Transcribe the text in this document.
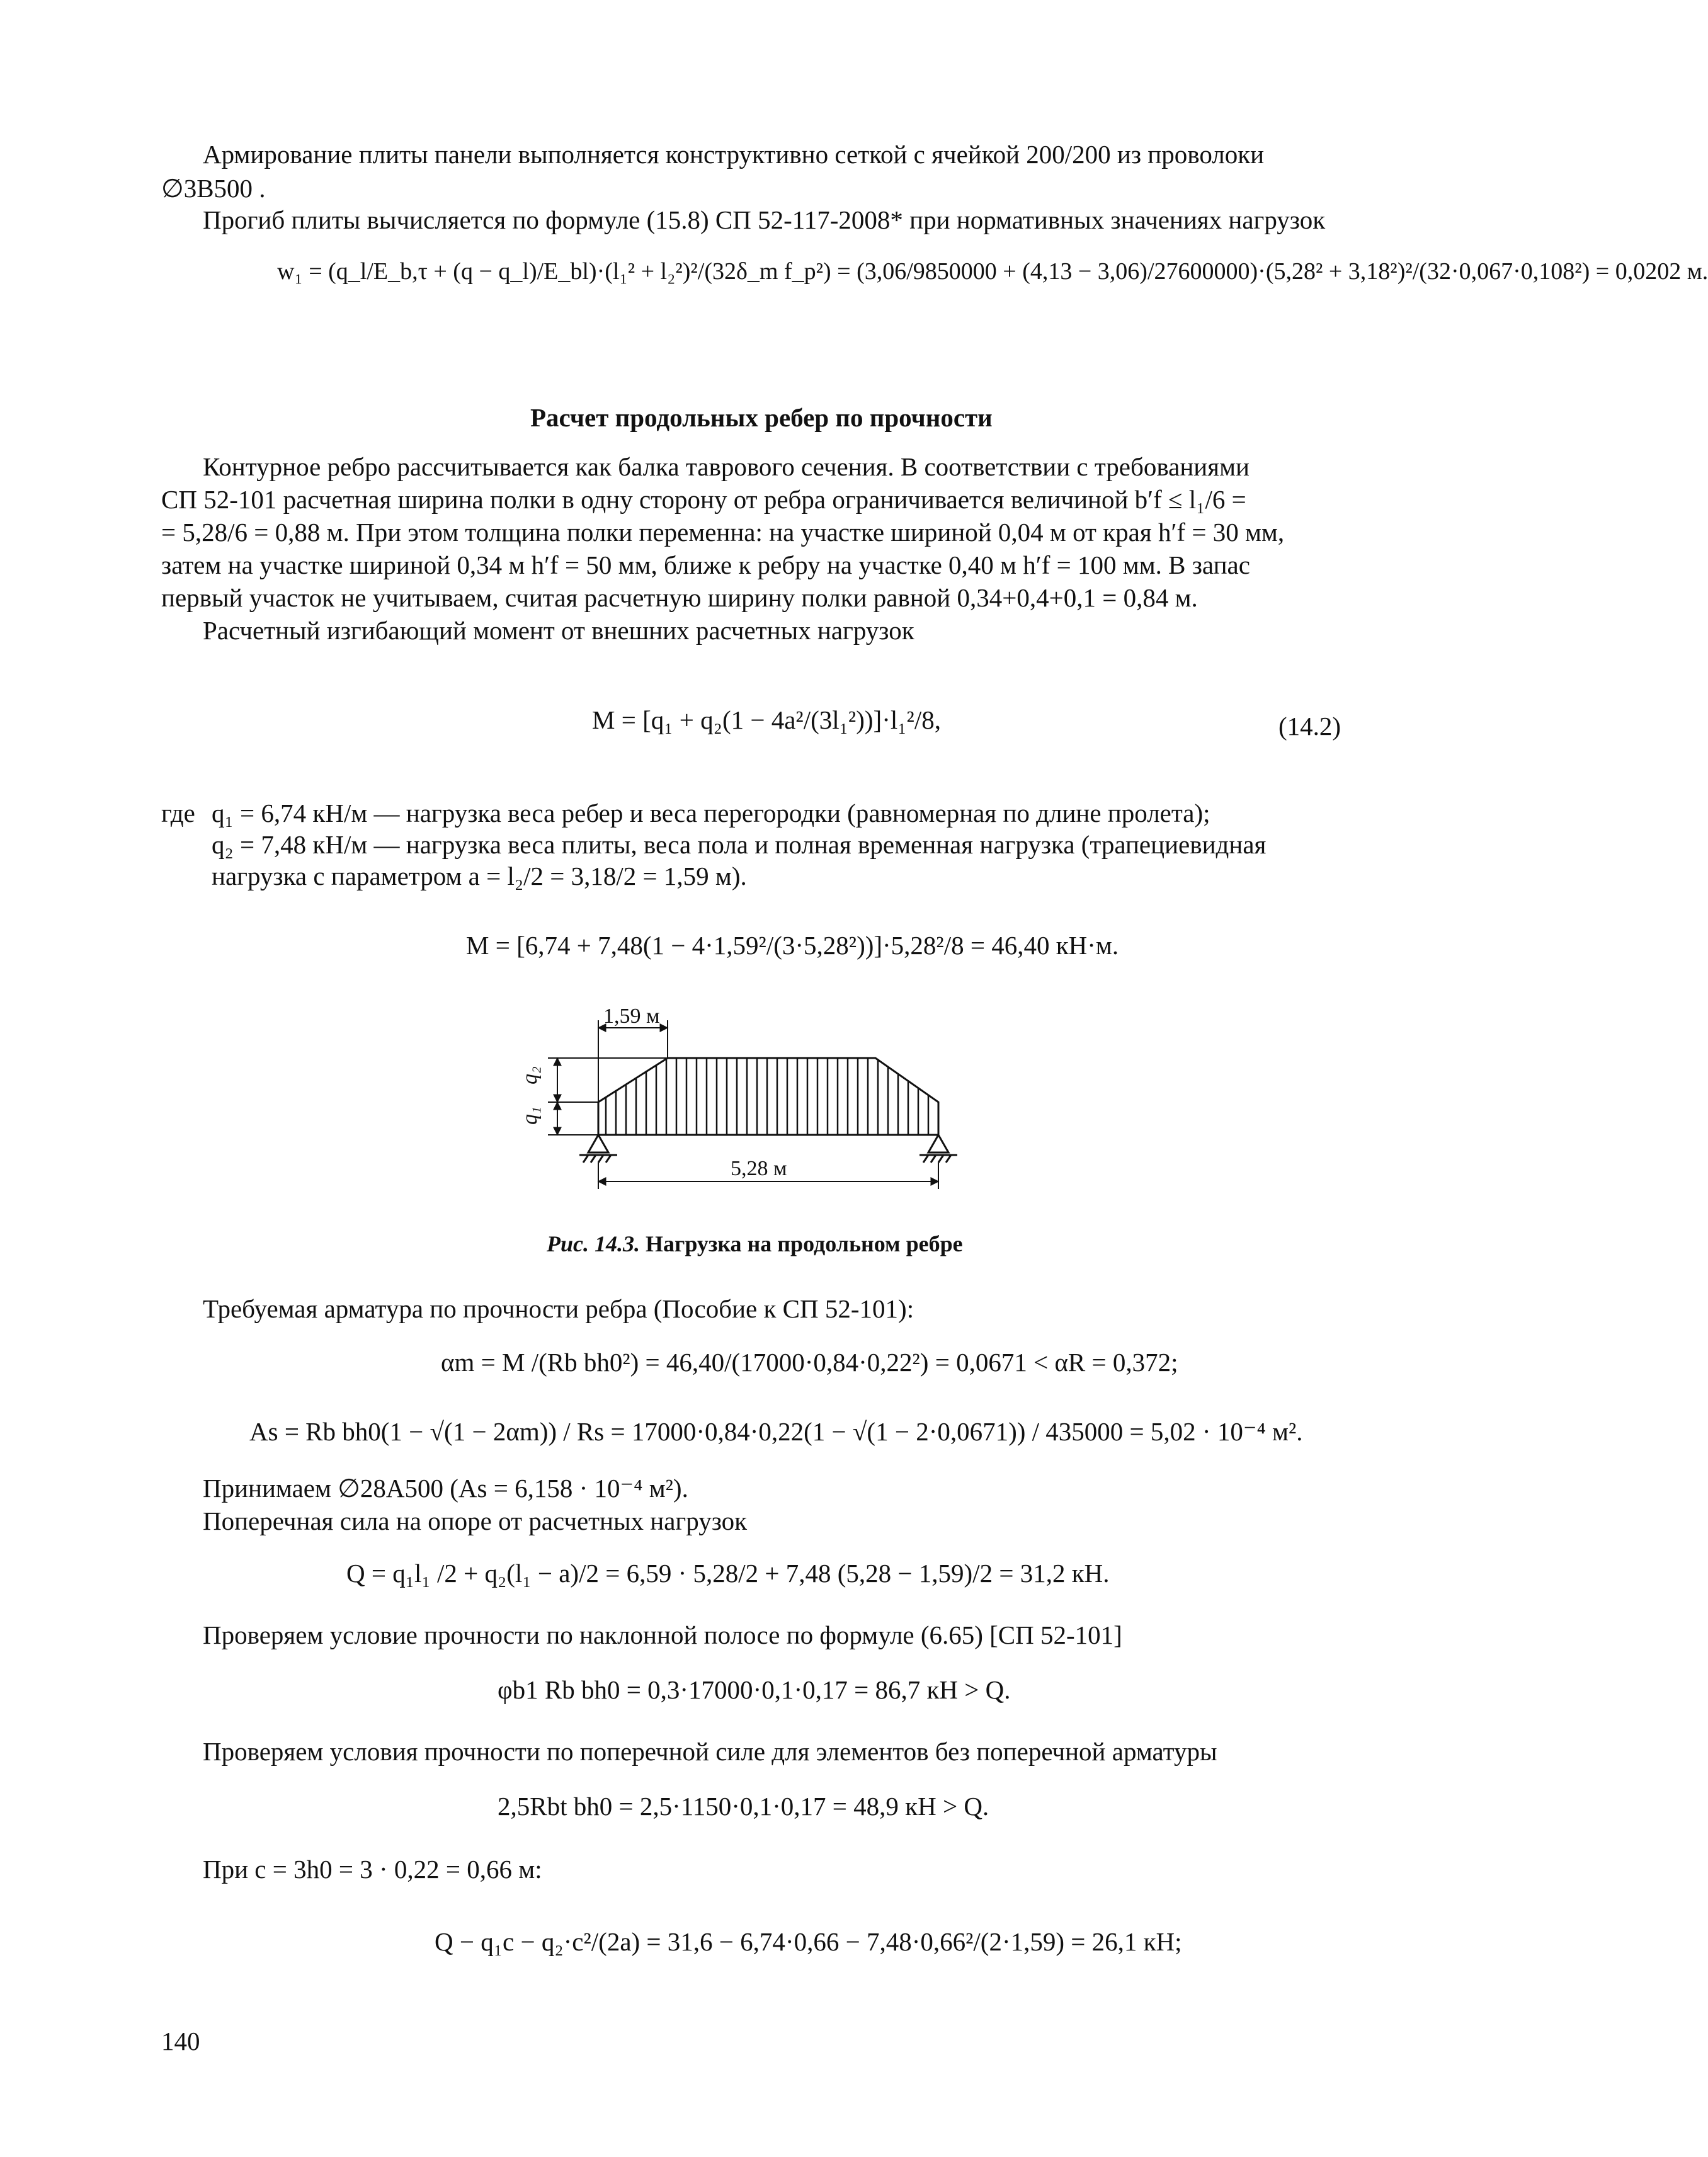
Армирование плиты панели выполняется конструктивно сеткой с ячейкой 200/200 из проволоки
∅3В500 .
Прогиб плиты вычисляется по формуле (15.8) СП 52-117-2008* при нормативных значениях нагрузок
w₁ = (q_l/E_b,τ + (q − q_l)/E_bl)·(l₁² + l₂²)²/(32δ_m f_p²) = (3,06/9850000 + (4,13 − 3,06)/27600000)·(5,28² + 3,18²)²/(32·0,067·0,108²) = 0,0202 м.
Расчет продольных ребер по прочности
Контурное ребро рассчитывается как балка таврового сечения. В соответствии с требованиями
СП 52-101 расчетная ширина полки в одну сторону от ребра ограничивается величиной b′f ≤ l₁/6 =
= 5,28/6 = 0,88 м. При этом толщина полки переменна: на участке шириной 0,04 м от края h′f = 30 мм,
затем на участке шириной 0,34 м h′f = 50 мм, ближе к ребру на участке 0,40 м h′f = 100 мм. В запас
первый участок не учитываем, считая расчетную ширину полки равной 0,34+0,4+0,1 = 0,84 м.
Расчетный изгибающий момент от внешних расчетных нагрузок
M = [q₁ + q₂(1 − 4a²/(3l₁²))]·l₁²/8,	(14.2)
где q₁ = 6,74 кН/м — нагрузка веса ребер и веса перегородки (равномерная по длине пролета);
q₂ = 7,48 кН/м — нагрузка веса плиты, веса пола и полная временная нагрузка (трапециевидная
нагрузка с параметром a = l₂/2 = 3,18/2 = 1,59 м).
M = [6,74 + 7,48(1 − 4·1,59²/(3·5,28²))]·5,28²/8 = 46,40 кН·м.
1,59 м
q₂
q₁
5,28 м
Рис. 14.3. Нагрузка на продольном ребре
Требуемая арматура по прочности ребра (Пособие к СП 52-101):
αm = M /(Rb bh0²) = 46,40/(17000·0,84·0,22²) = 0,0671 < αR = 0,372;
As = Rb bh0(1 − √(1 − 2αm)) / Rs = 17000·0,84·0,22(1 − √(1 − 2·0,0671)) / 435000 = 5,02 · 10⁻⁴ м².
Принимаем ∅28А500 (As = 6,158 · 10⁻⁴ м²).
Поперечная сила на опоре от расчетных нагрузок
Q = q₁l₁ /2 + q₂(l₁ − a)/2 = 6,59 · 5,28/2 + 7,48 (5,28 − 1,59)/2 = 31,2 кН.
Проверяем условие прочности по наклонной полосе по формуле (6.65) [СП 52-101]
φb1 Rb bh0 = 0,3·17000·0,1·0,17 = 86,7 кН > Q.
Проверяем условия прочности по поперечной силе для элементов без поперечной арматуры
2,5Rbt bh0 = 2,5·1150·0,1·0,17 = 48,9 кН > Q.
При c = 3h0 = 3 · 0,22 = 0,66 м:
Q − q₁c − q₂·c²/(2a) = 31,6 − 6,74·0,66 − 7,48·0,66²/(2·1,59) = 26,1 кН;
140
